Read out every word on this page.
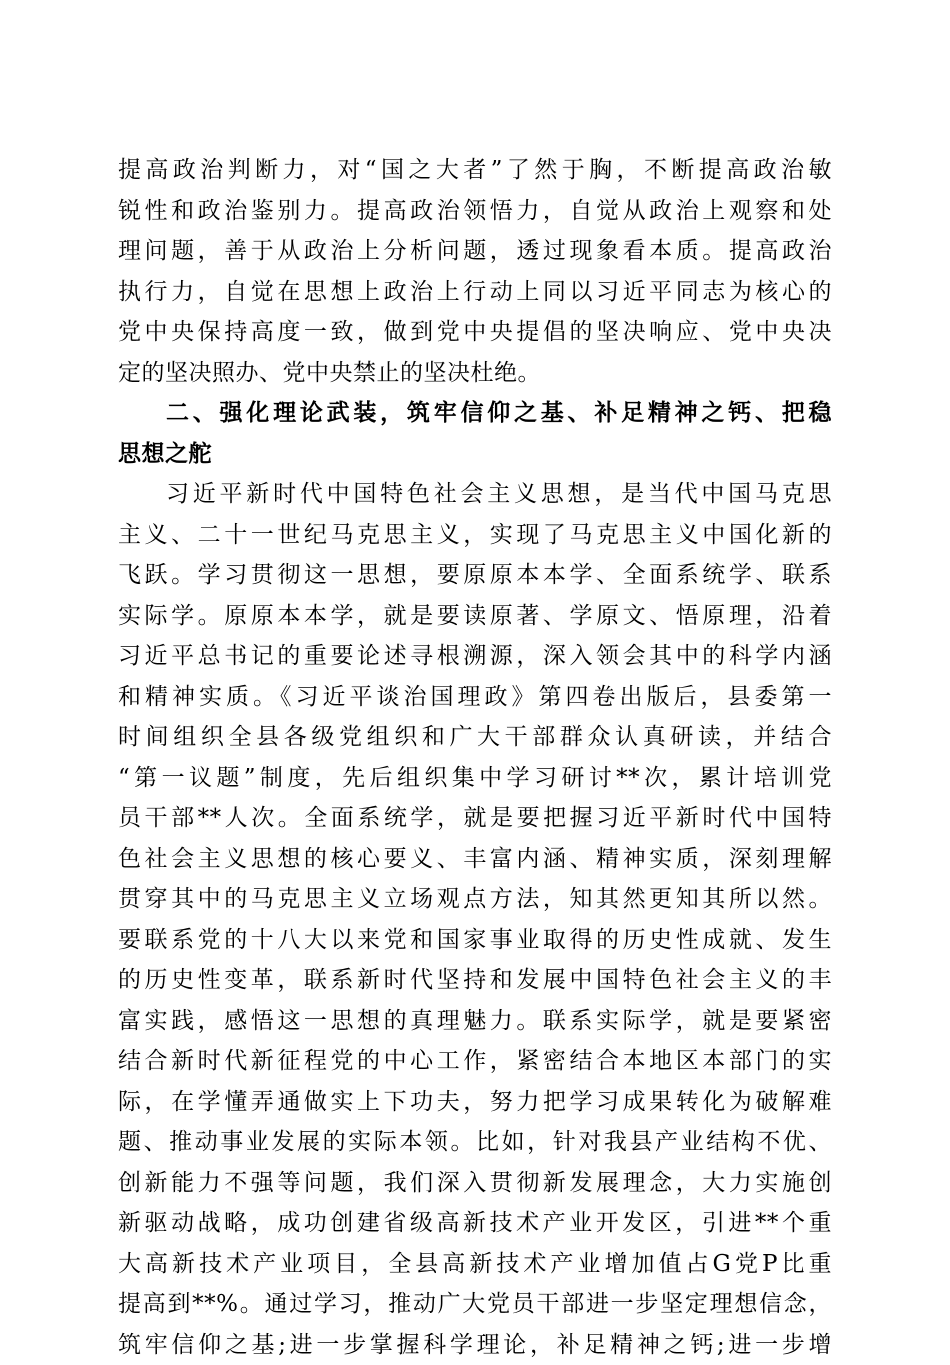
提高政治判断力，对“国之大者”了然于胸，不断提高政治敏
锐性和政治鉴别力。提高政治领悟力，自觉从政治上观察和处
理问题，善于从政治上分析问题，透过现象看本质。提高政治
执行力，自觉在思想上政治上行动上同以习近平同志为核心的
党中央保持高度一致，做到党中央提倡的坚决响应、党中央决
定的坚决照办、党中央禁止的坚决杜绝。

二、强化理论武装，筑牢信仰之基、补足精神之钙、把稳
思想之舵

习近平新时代中国特色社会主义思想，是当代中国马克思
主义、二十一世纪马克思主义，实现了马克思主义中国化新的
飞跃。学习贯彻这一思想，要原原本本学、全面系统学、联系
实际学。原原本本学，就是要读原著、学原文、悟原理，沿着
习近平总书记的重要论述寻根溯源，深入领会其中的科学内涵
和精神实质。《习近平谈治国理政》第四卷出版后，县委第一
时间组织全县各级党组织和广大干部群众认真研读，并结合
“第一议题”制度，先后组织集中学习研讨**次，累计培训党
员干部**人次。全面系统学，就是要把握习近平新时代中国特
色社会主义思想的核心要义、丰富内涵、精神实质，深刻理解
贯穿其中的马克思主义立场观点方法，知其然更知其所以然。
要联系党的十八大以来党和国家事业取得的历史性成就、发生
的历史性变革，联系新时代坚持和发展中国特色社会主义的丰
富实践，感悟这一思想的真理魅力。联系实际学，就是要紧密
结合新时代新征程党的中心工作，紧密结合本地区本部门的实
际，在学懂弄通做实上下功夫，努力把学习成果转化为破解难
题、推动事业发展的实际本领。比如，针对我县产业结构不优、
创新能力不强等问题，我们深入贯彻新发展理念，大力实施创
新驱动战略，成功创建省级高新技术产业开发区，引进**个重
大高新技术产业项目，全县高新技术产业增加值占G党P比重
提高到**%。通过学习，推动广大党员干部进一步坚定理想信念，
筑牢信仰之基;进一步掌握科学理论，补足精神之钙;进一步增
